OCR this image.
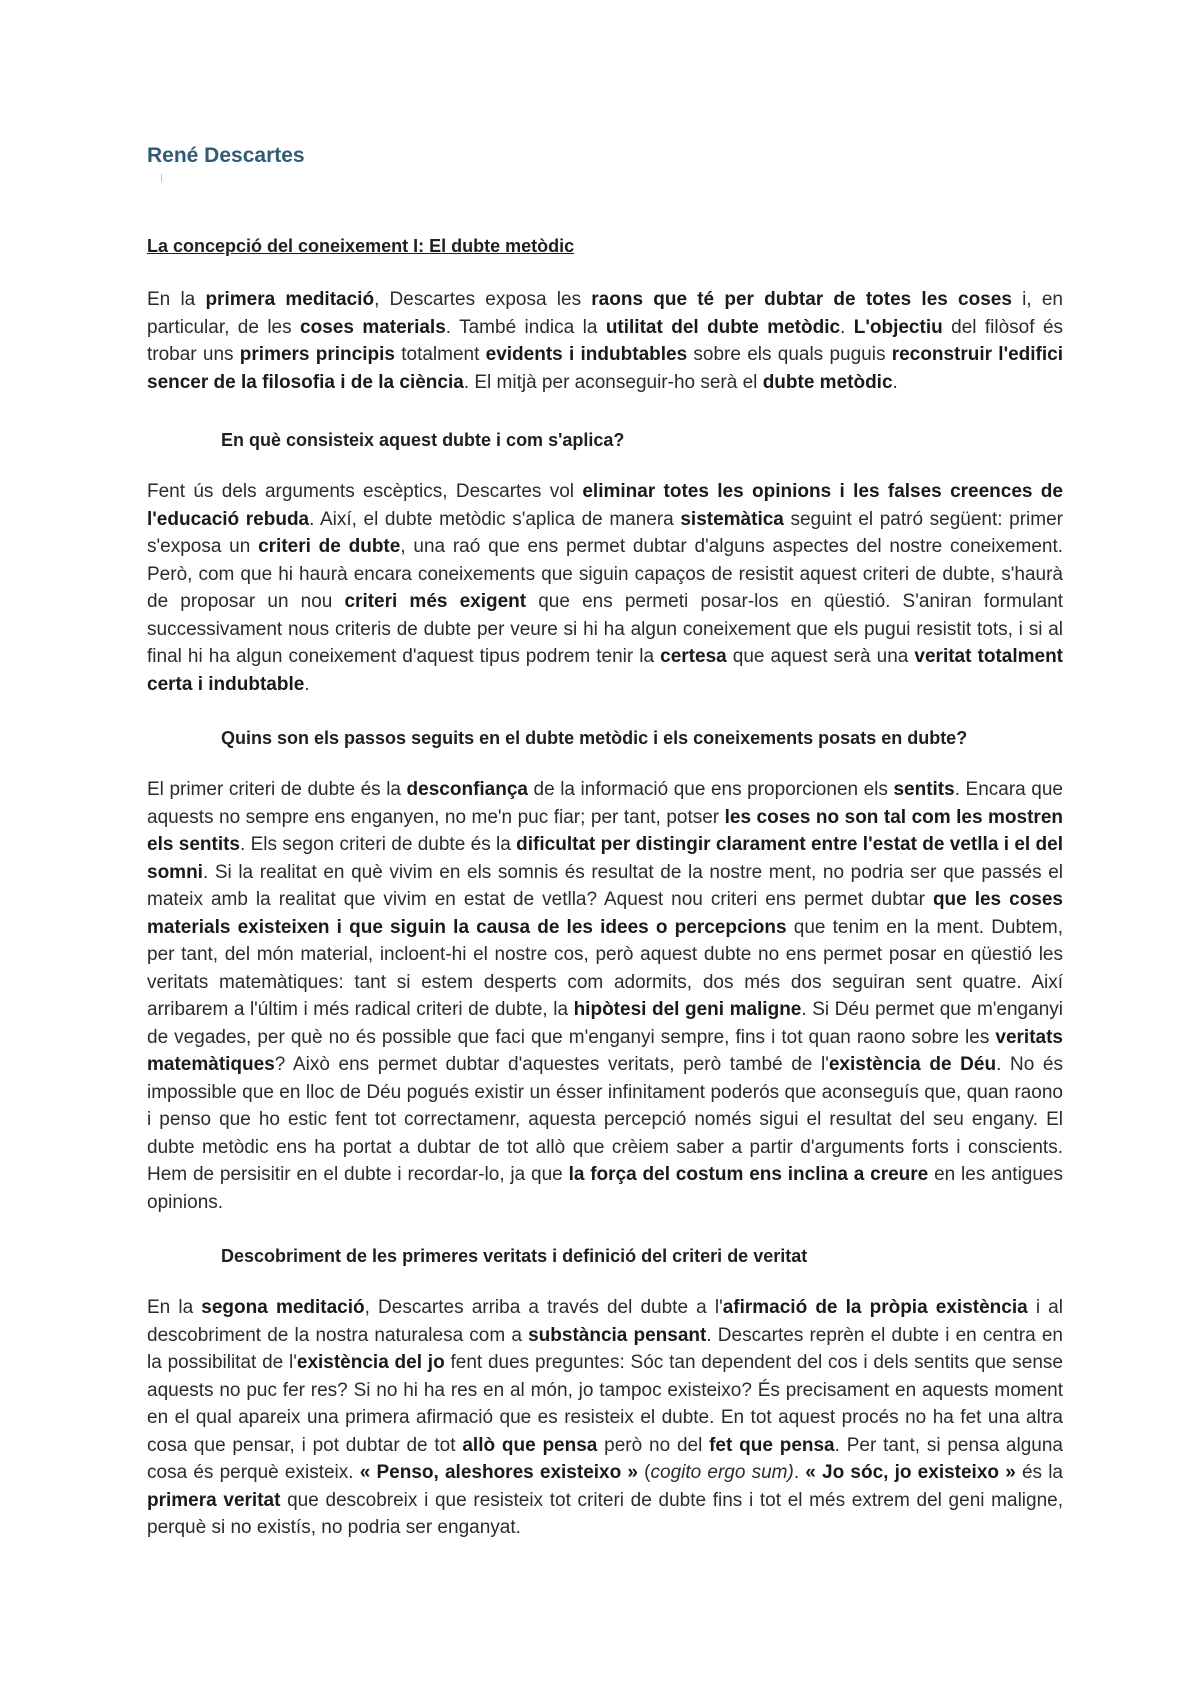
René Descartes
La concepció del coneixement I: El dubte metòdic

En la primera meditació, Descartes exposa les raons que té per dubtar de totes les coses i, en particular, de les coses materials. També indica la utilitat del dubte metòdic. L'objectiu del filòsof és trobar uns primers principis totalment evidents i indubtables sobre els quals puguis reconstruir l'edifici sencer de la filosofia i de la ciència. El mitjà per aconseguir-ho serà el dubte metòdic.

En què consisteix aquest dubte i com s'aplica?

Fent ús dels arguments escèptics, Descartes vol eliminar totes les opinions i les falses creences de l'educació rebuda. Així, el dubte metòdic s'aplica de manera sistemàtica seguint el patró següent: primer s'exposa un criteri de dubte, una raó que ens permet dubtar d'alguns aspectes del nostre coneixement. Però, com que hi haurà encara coneixements que siguin capaços de resistit aquest criteri de dubte, s'haurà de proposar un nou criteri més exigent que ens permeti posar-los en qüestió. S'aniran formulant successivament nous criteris de dubte per veure si hi ha algun coneixement que els pugui resistit tots, i si al final hi ha algun coneixement d'aquest tipus podrem tenir la certesa que aquest serà una veritat totalment certa i indubtable.

Quins son els passos seguits en el dubte metòdic i els coneixements posats en dubte?

El primer criteri de dubte és la desconfiança de la informació que ens proporcionen els sentits. Encara que aquests no sempre ens enganyen, no me'n puc fiar; per tant, potser les coses no son tal com les mostren els sentits. Els segon criteri de dubte és la dificultat per distingir clarament entre l'estat de vetlla i el del somni. Si la realitat en què vivim en els somnis és resultat de la nostre ment, no podria ser que passés el mateix amb la realitat que vivim en estat de vetlla? Aquest nou criteri ens permet dubtar que les coses materials existeixen i que siguin la causa de les idees o percepcions que tenim en la ment. Dubtem, per tant, del món material, incloent-hi el nostre cos, però aquest dubte no ens permet posar en qüestió les veritats matemàtiques: tant si estem desperts com adormits, dos més dos seguiran sent quatre. Així arribarem a l'últim i més radical criteri de dubte, la hipòtesi del geni maligne. Si Déu permet que m'enganyi de vegades, per què no és possible que faci que m'enganyi sempre, fins i tot quan raono sobre les veritats matemàtiques? Això ens permet dubtar d'aquestes veritats, però també de l'existència de Déu. No és impossible que en lloc de Déu pogués existir un ésser infinitament poderós que aconseguís que, quan raono i penso que ho estic fent tot correctamenr, aquesta percepció només sigui el resultat del seu engany. El dubte metòdic ens ha portat a dubtar de tot allò que crèiem saber a partir d'arguments forts i conscients. Hem de persisitir en el dubte i recordar-lo, ja que la força del costum ens inclina a creure en les antigues opinions.

Descobriment de les primeres veritats i definició del criteri de veritat

En la segona meditació, Descartes arriba a través del dubte a l'afirmació de la pròpia existència i al descobriment de la nostra naturalesa com a substància pensant. Descartes reprèn el dubte i en centra en la possibilitat de l'existència del jo fent dues preguntes: Sóc tan dependent del cos i dels sentits que sense aquests no puc fer res? Si no hi ha res en al món, jo tampoc existeixo? És precisament en aquests moment en el qual apareix una primera afirmació que es resisteix el dubte. En tot aquest procés no ha fet una altra cosa que pensar, i pot dubtar de tot allò que pensa però no del fet que pensa. Per tant, si pensa alguna cosa és perquè existeix. « Penso, aleshores existeixo » (cogito ergo sum). « Jo sóc, jo existeixo » és la primera veritat que descobreix i que resisteix tot criteri de dubte fins i tot el més extrem del geni maligne, perquè si no existís, no podria ser enganyat.
